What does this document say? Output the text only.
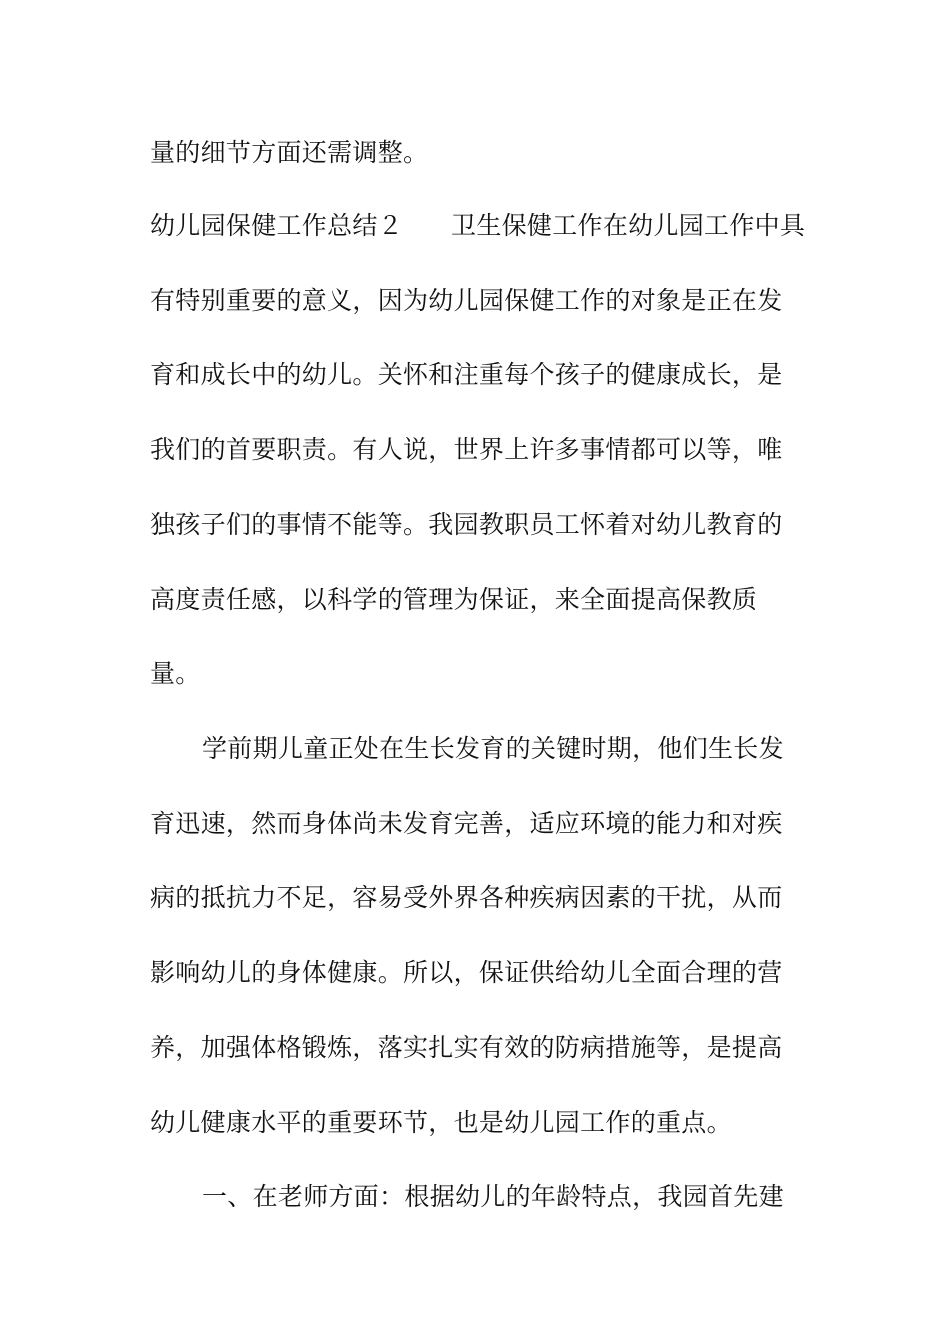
量的细节方面还需调整。
幼儿园保健工作总结２ 卫生保健工作在幼儿园工作中具
有特别重要的意义，因为幼儿园保健工作的对象是正在发
育和成长中的幼儿。关怀和注重每个孩子的健康成长，是
我们的首要职责。有人说，世界上许多事情都可以等，唯
独孩子们的事情不能等。我园教职员工怀着对幼儿教育的
高度责任感，以科学的管理为保证，来全面提高保教质
量。
学前期儿童正处在生长发育的关键时期，他们生长发
育迅速，然而身体尚未发育完善，适应环境的能力和对疾
病的抵抗力不足，容易受外界各种疾病因素的干扰，从而
影响幼儿的身体健康。所以，保证供给幼儿全面合理的营
养，加强体格锻炼，落实扎实有效的防病措施等，是提高
幼儿健康水平的重要环节，也是幼儿园工作的重点。
一、在老师方面：根据幼儿的年龄特点，我园首先建
